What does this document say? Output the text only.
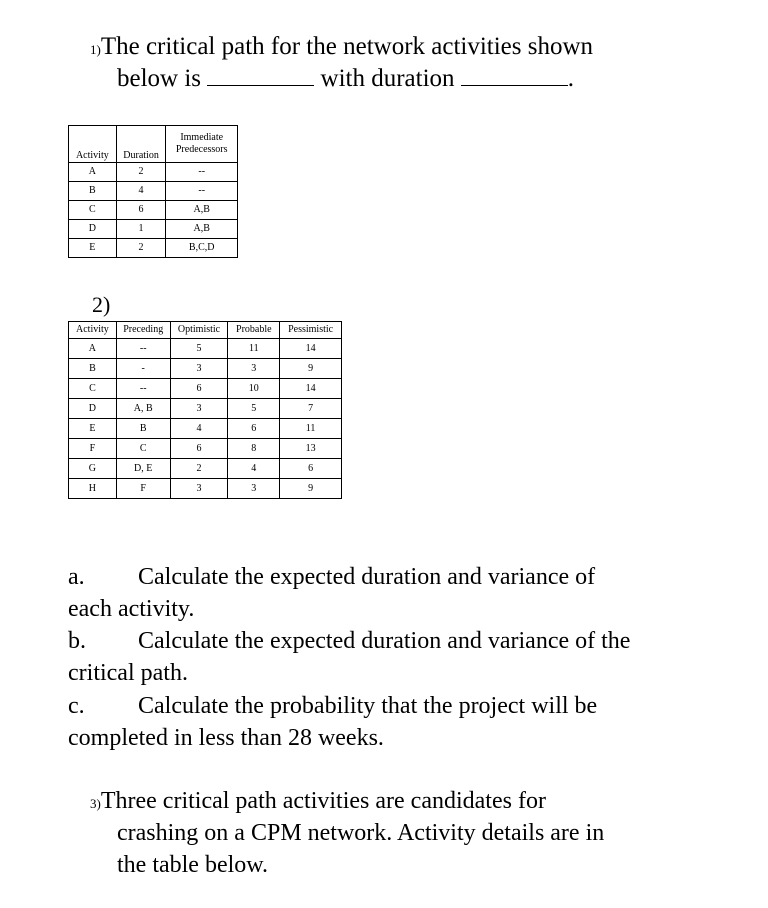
1)The critical path for the network activities shown
below is	with duration	.
Activity	Duration	Immediate Predecessors
A	2	--
B	4	--
C	6	A,B
D	1	A,B
E	2	B,C,D
2)
Activity	Preceding	Optimistic	Probable	Pessimistic
A	--	5	11	14
B	-	3	3	9
C	--	6	10	14
D	A, B	3	5	7
E	B	4	6	11
F	C	6	8	13
G	D, E	2	4	6
H	F	3	3	9
a. Calculate the expected duration and variance of
each activity.
b. Calculate the expected duration and variance of the
critical path.
c. Calculate the probability that the project will be
completed in less than 28 weeks.
3)Three critical path activities are candidates for
crashing on a CPM network. Activity details are in
the table below.
